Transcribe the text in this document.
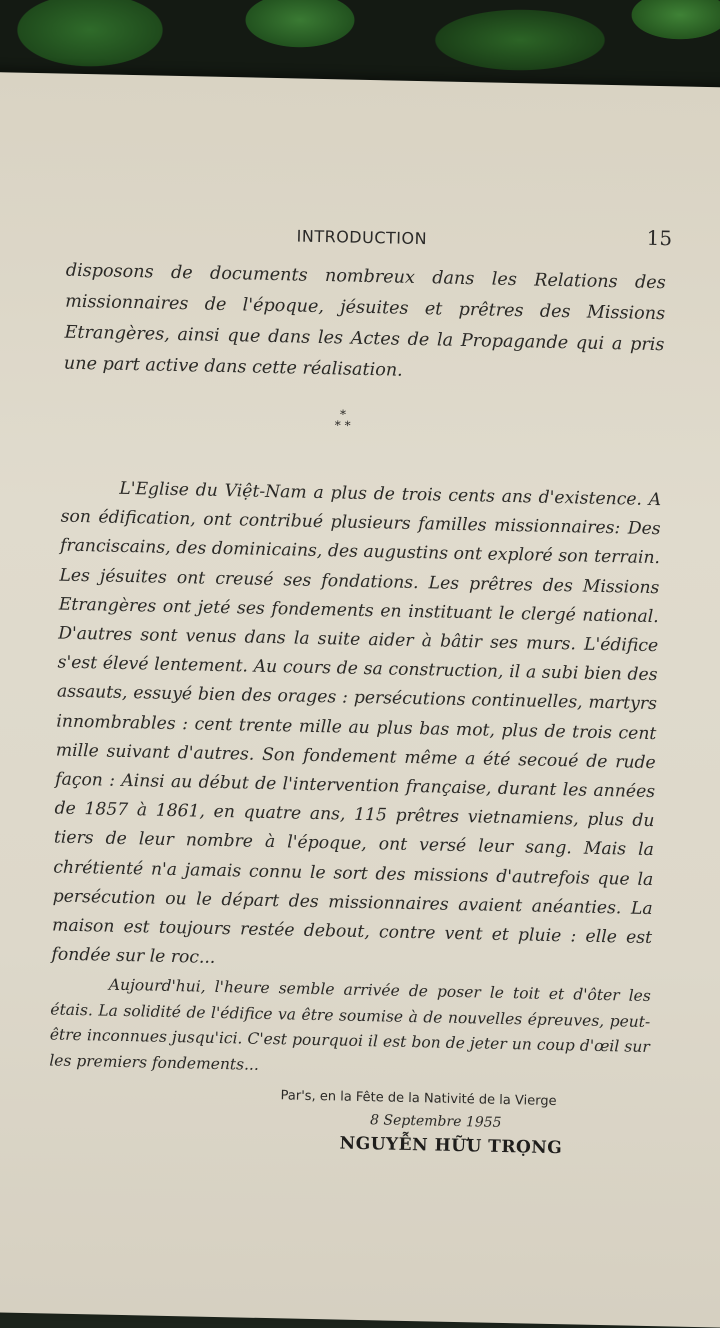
INTRODUCTION	15

disposons de documents nombreux dans les Relations des missionnaires de l'époque, jésuites et prêtres des Missions Etrangères, ainsi que dans les Actes de la Propagande qui a pris une part active dans cette réalisation.

*
* *

L'Eglise du Việt-Nam a plus de trois cents ans d'existence. A son édification, ont contribué plusieurs familles missionnaires: Des franciscains, des dominicains, des augustins ont exploré son terrain. Les jésuites ont creusé ses fondations. Les prêtres des Missions Etrangères ont jeté ses fondements en instituant le clergé national. D'autres sont venus dans la suite aider à bâtir ses murs. L'édifice s'est élevé lentement. Au cours de sa construction, il a subi bien des assauts, essuyé bien des orages : persécutions continuelles, martyrs innombrables : cent trente mille au plus bas mot, plus de trois cent mille suivant d'autres. Son fondement même a été secoué de rude façon : Ainsi au début de l'intervention française, durant les années de 1857 à 1861, en quatre ans, 115 prêtres vietnamiens, plus du tiers de leur nombre à l'époque, ont versé leur sang. Mais la chrétienté n'a jamais connu le sort des missions d'autrefois que la persécution ou le départ des missionnaires avaient anéanties. La maison est toujours restée debout, contre vent et pluie : elle est fondée sur le roc...

Aujourd'hui, l'heure semble arrivée de poser le toit et d'ôter les étais. La solidité de l'édifice va être soumise à de nouvelles épreuves, peut-être inconnues jusqu'ici. C'est pourquoi il est bon de jeter un coup d'œil sur les premiers fondements...

Par's, en la Fête de la Nativité de la Vierge
8 Septembre 1955
NGUYỄN HỮU TRỌNG
